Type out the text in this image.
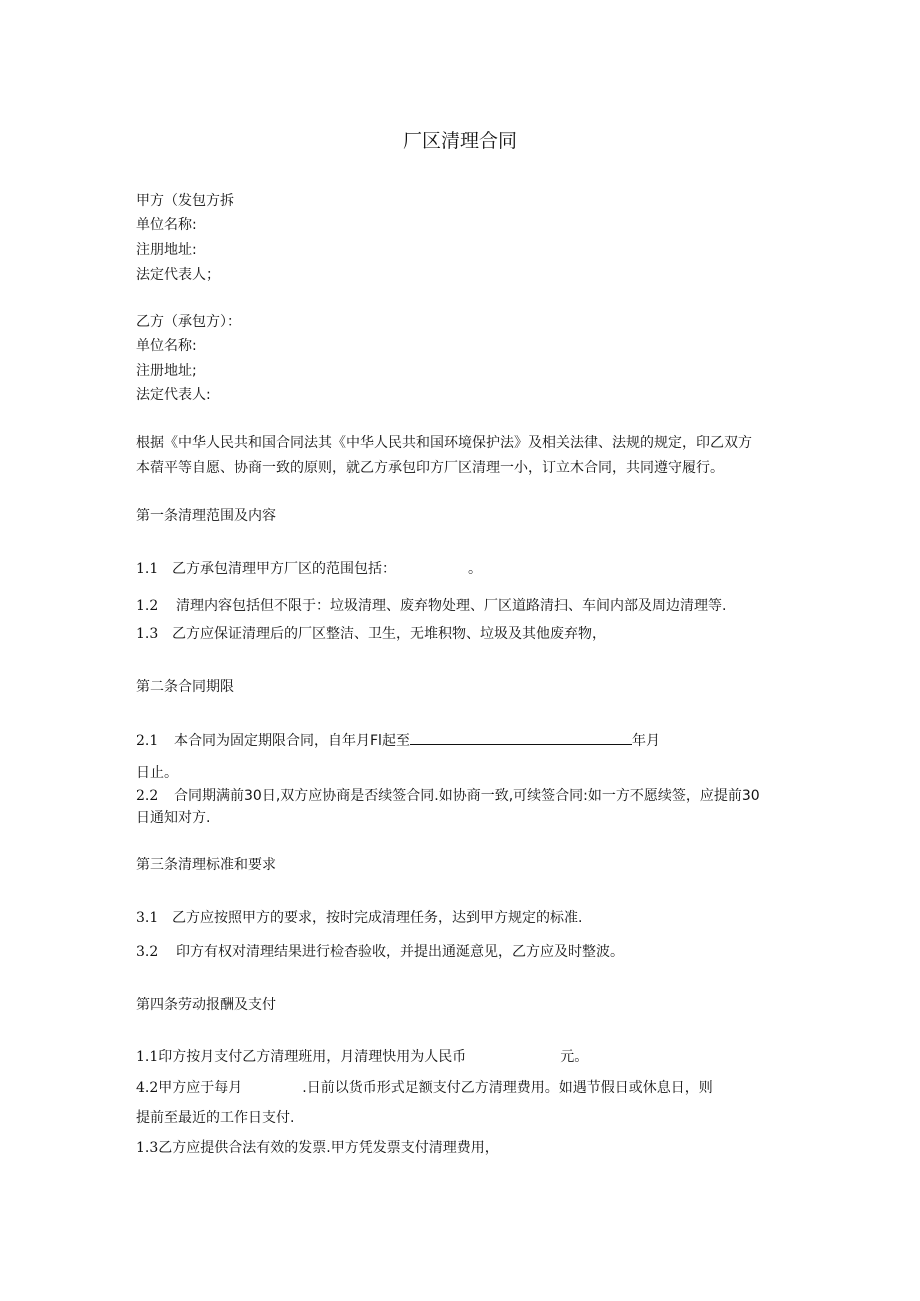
厂区清理合同
甲方（发包方拆
单位名称:
注朋地址:
法定代表人；
乙方（承包方）：
单位名称:
注册地址;
法定代表人:
根据《中华人民共和国合同法其《中华人民共和国环境保护法》及相关法律、法规的规定，印乙双方
本蓿平等自愿、协商一致的原则，就乙方承包印方厂区清理一小，订立木合同，共同遵守履行。
第一条清理范围及内容
1.1 乙方承包清理甲方厂区的范围包括：	。
1.2 清理内容包括但不限于：垃圾清理、废弃物处理、厂区道路清扫、车间内部及周边清理等.
1.3 乙方应保证清理后的厂区整洁、卫生，无堆积物、垃圾及其他废弃物，
第二条合同期限
2.1 本合同为固定期限合同，自年月Fl起至	年月
日止。
2.2 合同期满前30日,双方应协商是否续签合同.如协商一致,可续签合同:如一方不愿续签，应提前30
日通知对方.
第三条清理标准和要求
3.1 乙方应按照甲方的要求，按时完成清理任务，达到甲方规定的标准.
3.2 印方有权对清理结果进行检杳验收，并提出通涎意见，乙方应及时整波。
第四条劳动报酬及支付
1.1印方按月支付乙方清理班用，月清理快用为人民币	元。
4.2甲方应于每月	.日前以货币形式足额支付乙方清理费用。如遇节假日或休息日，则
提前至最近的工作日支付.
1.3乙方应提供合法有效的发票.甲方凭发票支付清理费用，
